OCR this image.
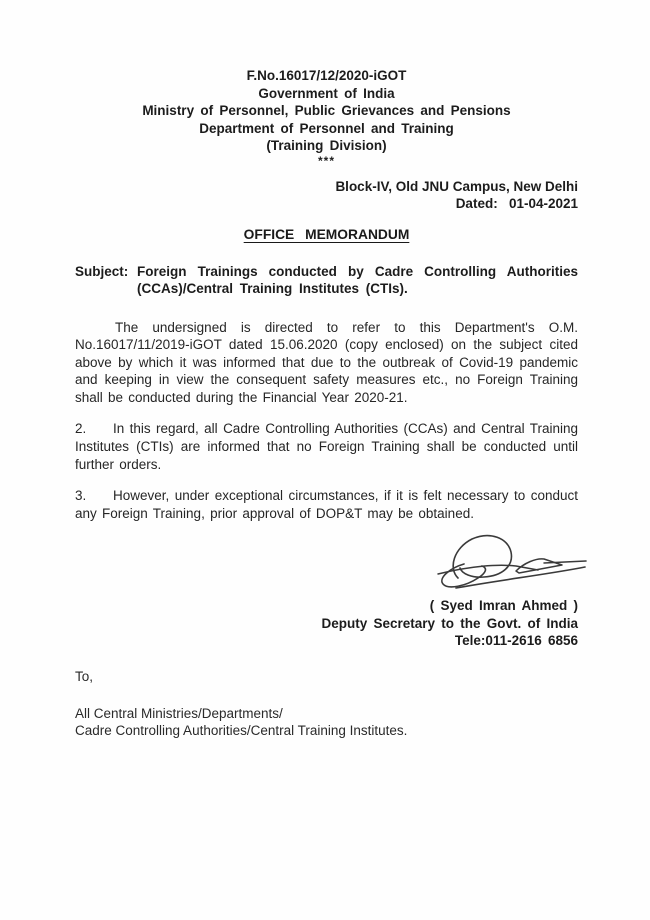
F.No.16017/12/2020-iGOT
Government of India
Ministry of Personnel, Public Grievances and Pensions
Department of Personnel and Training
(Training Division)
***
Block-IV, Old JNU Campus, New Delhi
Dated:   01-04-2021
OFFICE MEMORANDUM
Subject: Foreign Trainings conducted by Cadre Controlling Authorities (CCAs)/Central Training Institutes (CTIs).

The undersigned is directed to refer to this Department's O.M. No.16017/11/2019-iGOT dated 15.06.2020 (copy enclosed) on the subject cited above by which it was informed that due to the outbreak of Covid-19 pandemic and keeping in view the consequent safety measures etc., no Foreign Training shall be conducted during the Financial Year 2020-21.

2. In this regard, all Cadre Controlling Authorities (CCAs) and Central Training Institutes (CTIs) are informed that no Foreign Training shall be conducted until further orders.

3. However, under exceptional circumstances, if it is felt necessary to conduct any Foreign Training, prior approval of DOP&T may be obtained.

( Syed Imran Ahmed )
Deputy Secretary to the Govt. of India
Tele:011-2616 6856
To,
All Central Ministries/Departments/
Cadre Controlling Authorities/Central Training Institutes.
